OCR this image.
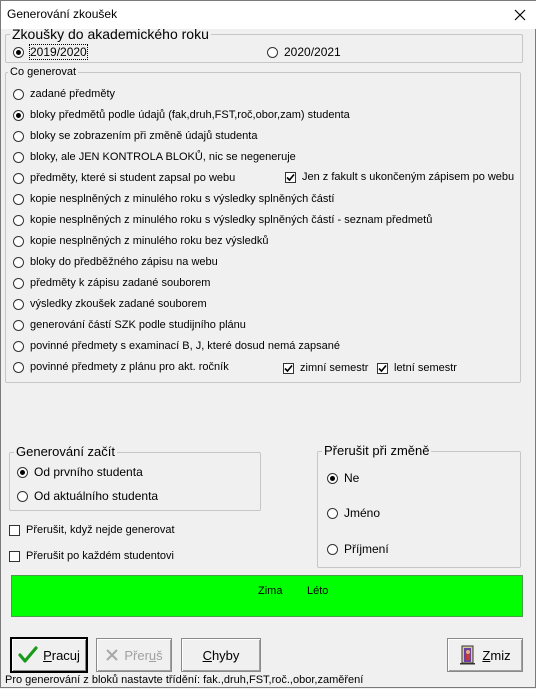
Generování zkoušek
Zkoušky do akademického roku
2019/2020	2020/2021
Co generovat
zadané předměty
bloky předmětů podle údajů (fak,druh,FST,roč,obor,zam) studenta
bloky se zobrazením při změně údajů studenta
bloky, ale JEN KONTROLA BLOKŮ, nic se negeneruje
předměty, které si student zapsal po webu	Jen z fakult s ukončeným zápisem po webu
kopie nesplněných z minulého roku s výsledky splněných částí
kopie nesplněných z minulého roku s výsledky splněných částí - seznam předmetů
kopie nesplněných z minulého roku bez výsledků
bloky do předběžného zápisu na webu
předměty k zápisu zadané souborem
výsledky zkoušek zadané souborem
generování částí SZK podle studijního plánu
povinné předmety s examinací B, J, které dosud nemá zapsané
povinné předmety z plánu pro akt. ročník	zimní semestr letní semestr
Generování začít
Od prvního studenta
Od aktuálního studenta
Přerušit při změně
Ne
Jméno
Příjmení
Přerušit, když nejde generovat
Přerušit po každém studentovi
Zima Léto
Pracuj	Přeruš	Chyby	Zmiz
Pro generování z bloků nastavte třídění: fak.,druh,FST,roč.,obor,zaměření
